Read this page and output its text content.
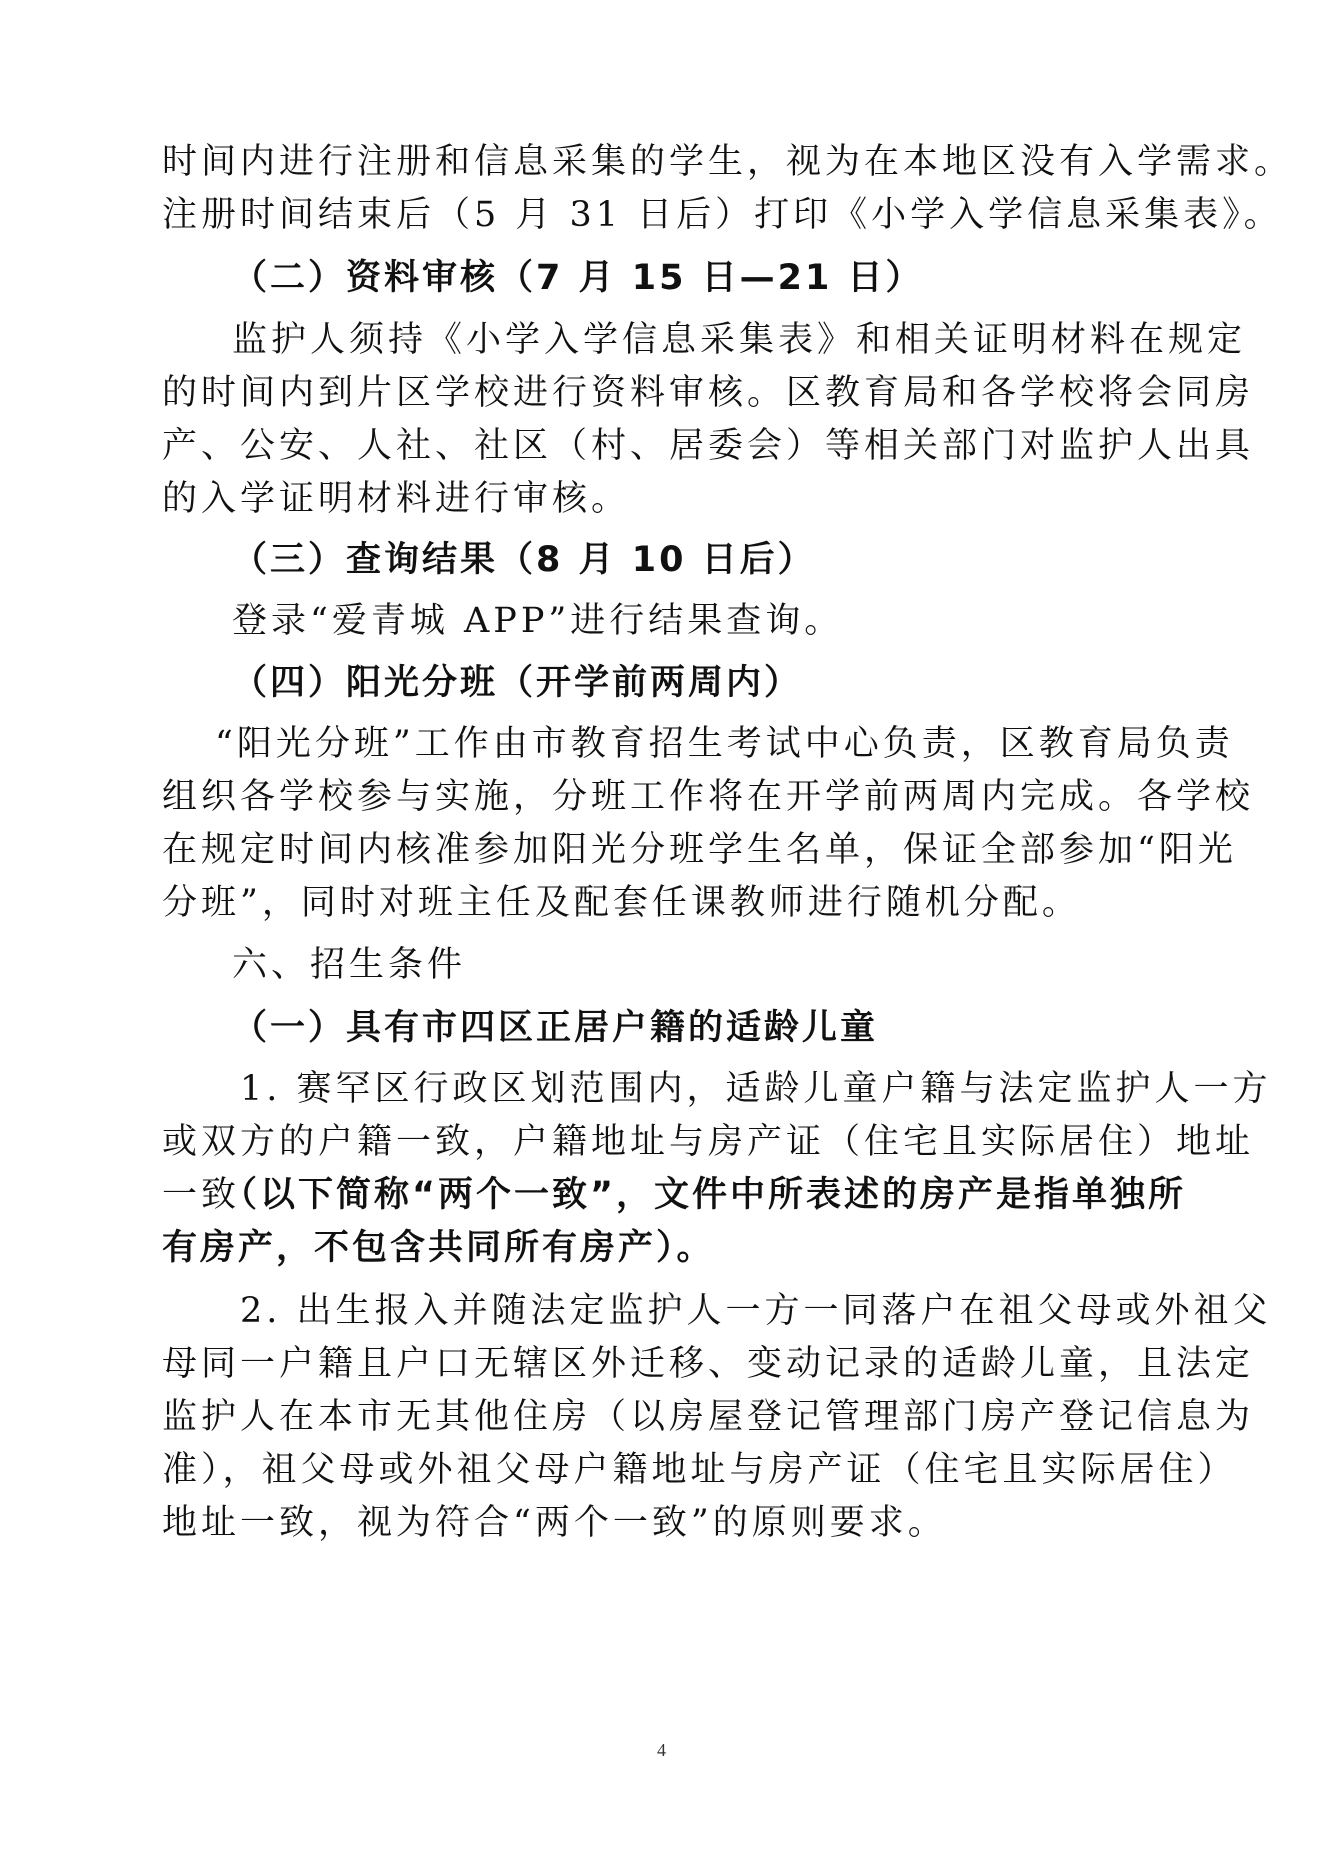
时间内进行注册和信息采集的学生，视为在本地区没有入学需求。
注册时间结束后（5 月 31 日后）打印《小学入学信息采集表》。
（二）资料审核（7 月 15 日—21 日）
监护人须持《小学入学信息采集表》和相关证明材料在规定
的时间内到片区学校进行资料审核。区教育局和各学校将会同房
产、公安、人社、社区（村、居委会）等相关部门对监护人出具
的入学证明材料进行审核。
（三）查询结果（8 月 10 日后）
登录“爱青城 APP”进行结果查询。
（四）阳光分班（开学前两周内）
“阳光分班”工作由市教育招生考试中心负责，区教育局负责
组织各学校参与实施，分班工作将在开学前两周内完成。各学校
在规定时间内核准参加阳光分班学生名单，保证全部参加“阳光
分班”，同时对班主任及配套任课教师进行随机分配。
六、招生条件
（一）具有市四区正居户籍的适龄儿童
1. 赛罕区行政区划范围内，适龄儿童户籍与法定监护人一方
或双方的户籍一致，户籍地址与房产证（住宅且实际居住）地址
一致
（以下简称“两个一致”，文件中所表述的房产是指单独所
有房产，不包含共同所有房产）。
2. 出生报入并随法定监护人一方一同落户在祖父母或外祖父
母同一户籍且户口无辖区外迁移、变动记录的适龄儿童，且法定
监护人在本市无其他住房（以房屋登记管理部门房产登记信息为
准），祖父母或外祖父母户籍地址与房产证（住宅且实际居住）
地址一致，视为符合“两个一致”的原则要求。
4
